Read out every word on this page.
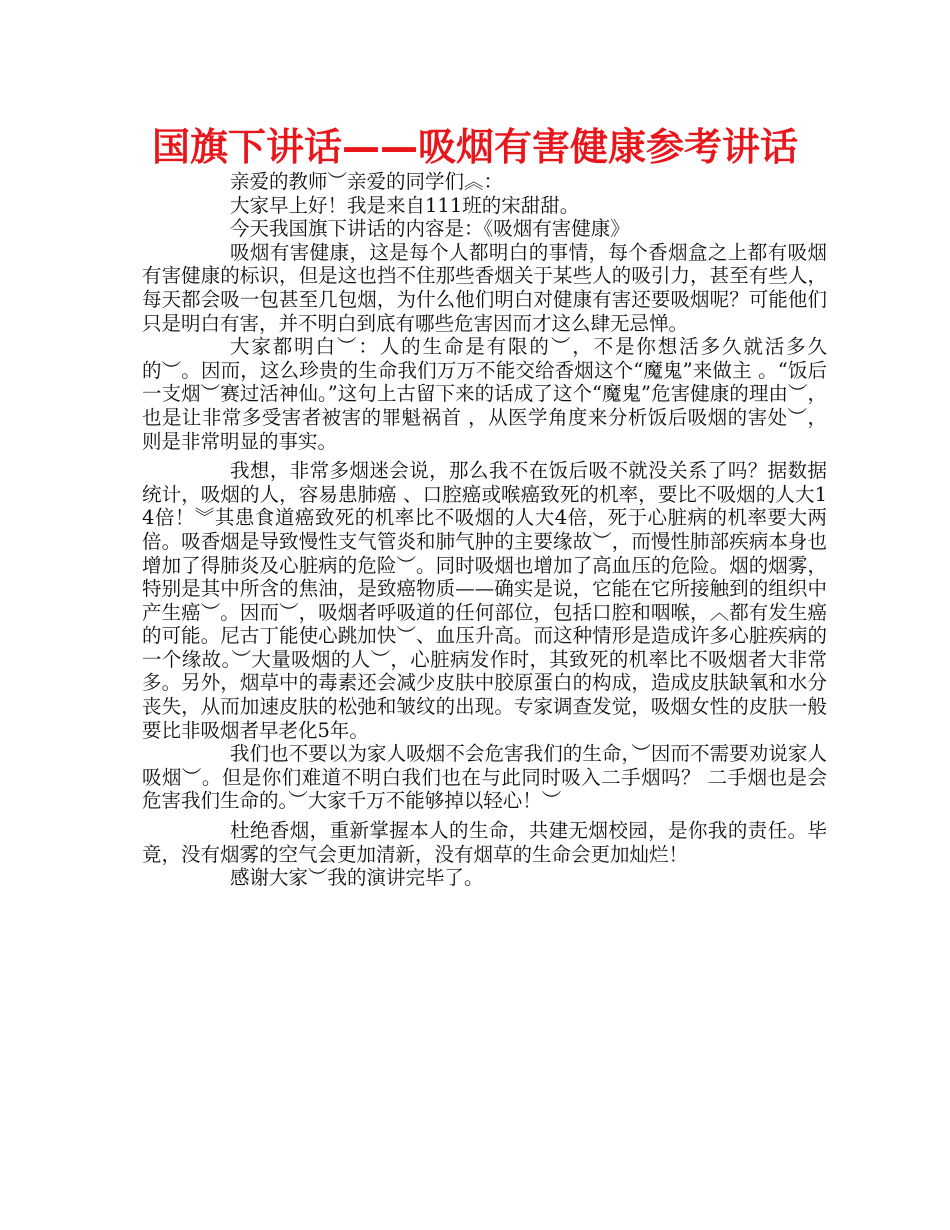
国旗下讲话——吸烟有害健康参考讲话

亲爱的教师︶亲爱的同学们︽：

大家早上好！我是来自111班的宋甜甜。

今天我国旗下讲话的内容是：《吸烟有害健康》

吸烟有害健康，这是每个人都明白的事情，每个香烟盒之上都有吸烟有害健康的标识，但是这也挡不住那些香烟关于某些人的吸引力，甚至有些人，每天都会吸一包甚至几包烟，为什么他们明白对健康有害还要吸烟呢？可能他们只是明白有害，并不明白到底有哪些危害因而才这么肆无忌惮。

大家都明白︶：人的生命是有限的︶，不是你想活多久就活多久的︶。因而，这么珍贵的生命我们万万不能交给香烟这个“魔鬼”来做主 。“饭后一支烟︶赛过活神仙。”这句上古留下来的话成了这个“魔鬼”危害健康的理由︶，也是让非常多受害者被害的罪魁祸首 ，从医学角度来分析饭后吸烟的害处︶，则是非常明显的事实。

我想，非常多烟迷会说，那么我不在饭后吸不就没关系了吗？据数据统计，吸烟的人，容易患肺癌 、口腔癌或喉癌致死的机率，要比不吸烟的人大14倍！︾其患食道癌致死的机率比不吸烟的人大4倍，死于心脏病的机率要大两倍。吸香烟是导致慢性支气管炎和肺气肿的主要缘故︶，而慢性肺部疾病本身也增加了得肺炎及心脏病的危险︶。同时吸烟也增加了高血压的危险。烟的烟雾，特别是其中所含的焦油，是致癌物质——确实是说，它能在它所接触到的组织中产生癌︶。因而︶，吸烟者呼吸道的任何部位，包括口腔和咽喉，︿都有发生癌的可能。尼古丁能使心跳加快︶、血压升高。而这种情形是造成许多心脏疾病的一个缘故。︶大量吸烟的人︶，心脏病发作时，其致死的机率比不吸烟者大非常多。另外，烟草中的毒素还会减少皮肤中胶原蛋白的构成，造成皮肤缺氧和水分丧失，从而加速皮肤的松弛和皱纹的出现。专家调查发觉，吸烟女性的皮肤一般要比非吸烟者早老化5年。

我们也不要以为家人吸烟不会危害我们的生命，︶因而不需要劝说家人吸烟︶。但是你们难道不明白我们也在与此同时吸入二手烟吗？ 二手烟也是会危害我们生命的。︶大家千万不能够掉以轻心！︶

杜绝香烟，重新掌握本人的生命，共建无烟校园，是你我的责任。毕竟，没有烟雾的空气会更加清新，没有烟草的生命会更加灿烂！

感谢大家︶我的演讲完毕了。
